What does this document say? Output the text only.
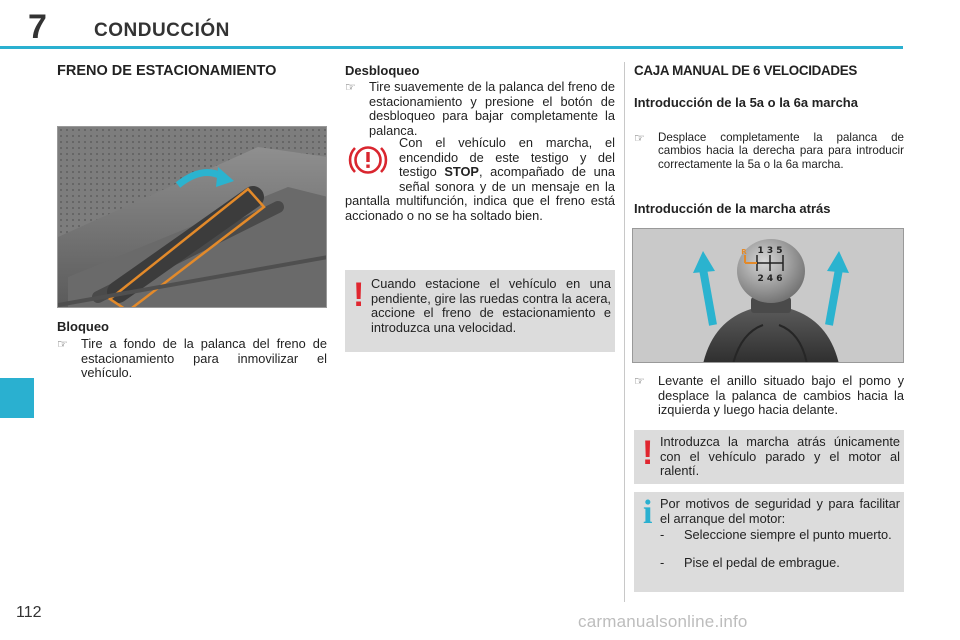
7 CONDUCCIÓN
FRENO DE ESTACIONAMIENTO
Bloqueo
☞ Tire a fondo de la palanca del freno de estacionamiento para inmovilizar el vehículo.
Desbloqueo
☞ Tire suavemente de la palanca del freno de estacionamiento y presione el botón de desbloqueo para bajar completamente la palanca.
Con el vehículo en marcha, el encendido de este testigo y del testigo STOP, acompañado de una señal sonora y de un mensaje en la pantalla multifunción, indica que el freno está accionado o no se ha soltado bien.
! Cuando estacione el vehículo en una pendiente, gire las ruedas contra la acera, accione el freno de estacionamiento e introduzca una velocidad.
CAJA MANUAL DE 6 VELOCIDADES
Introducción de la 5a o la 6a marcha
☞ Desplace completamente la palanca de cambios hacia la derecha para para introducir correctamente la 5a o la 6a marcha.
Introducción de la marcha atrás
1 3 5
2 4 6
R
☞ Levante el anillo situado bajo el pomo y desplace la palanca de cambios hacia la izquierda y luego hacia delante.
! Introduzca la marcha atrás únicamente con el vehículo parado y el motor al ralentí.
i Por motivos de seguridad y para facilitar el arranque del motor:
- Seleccione siempre el punto muerto.
- Pise el pedal de embrague.
112	carmanualsonline.info
